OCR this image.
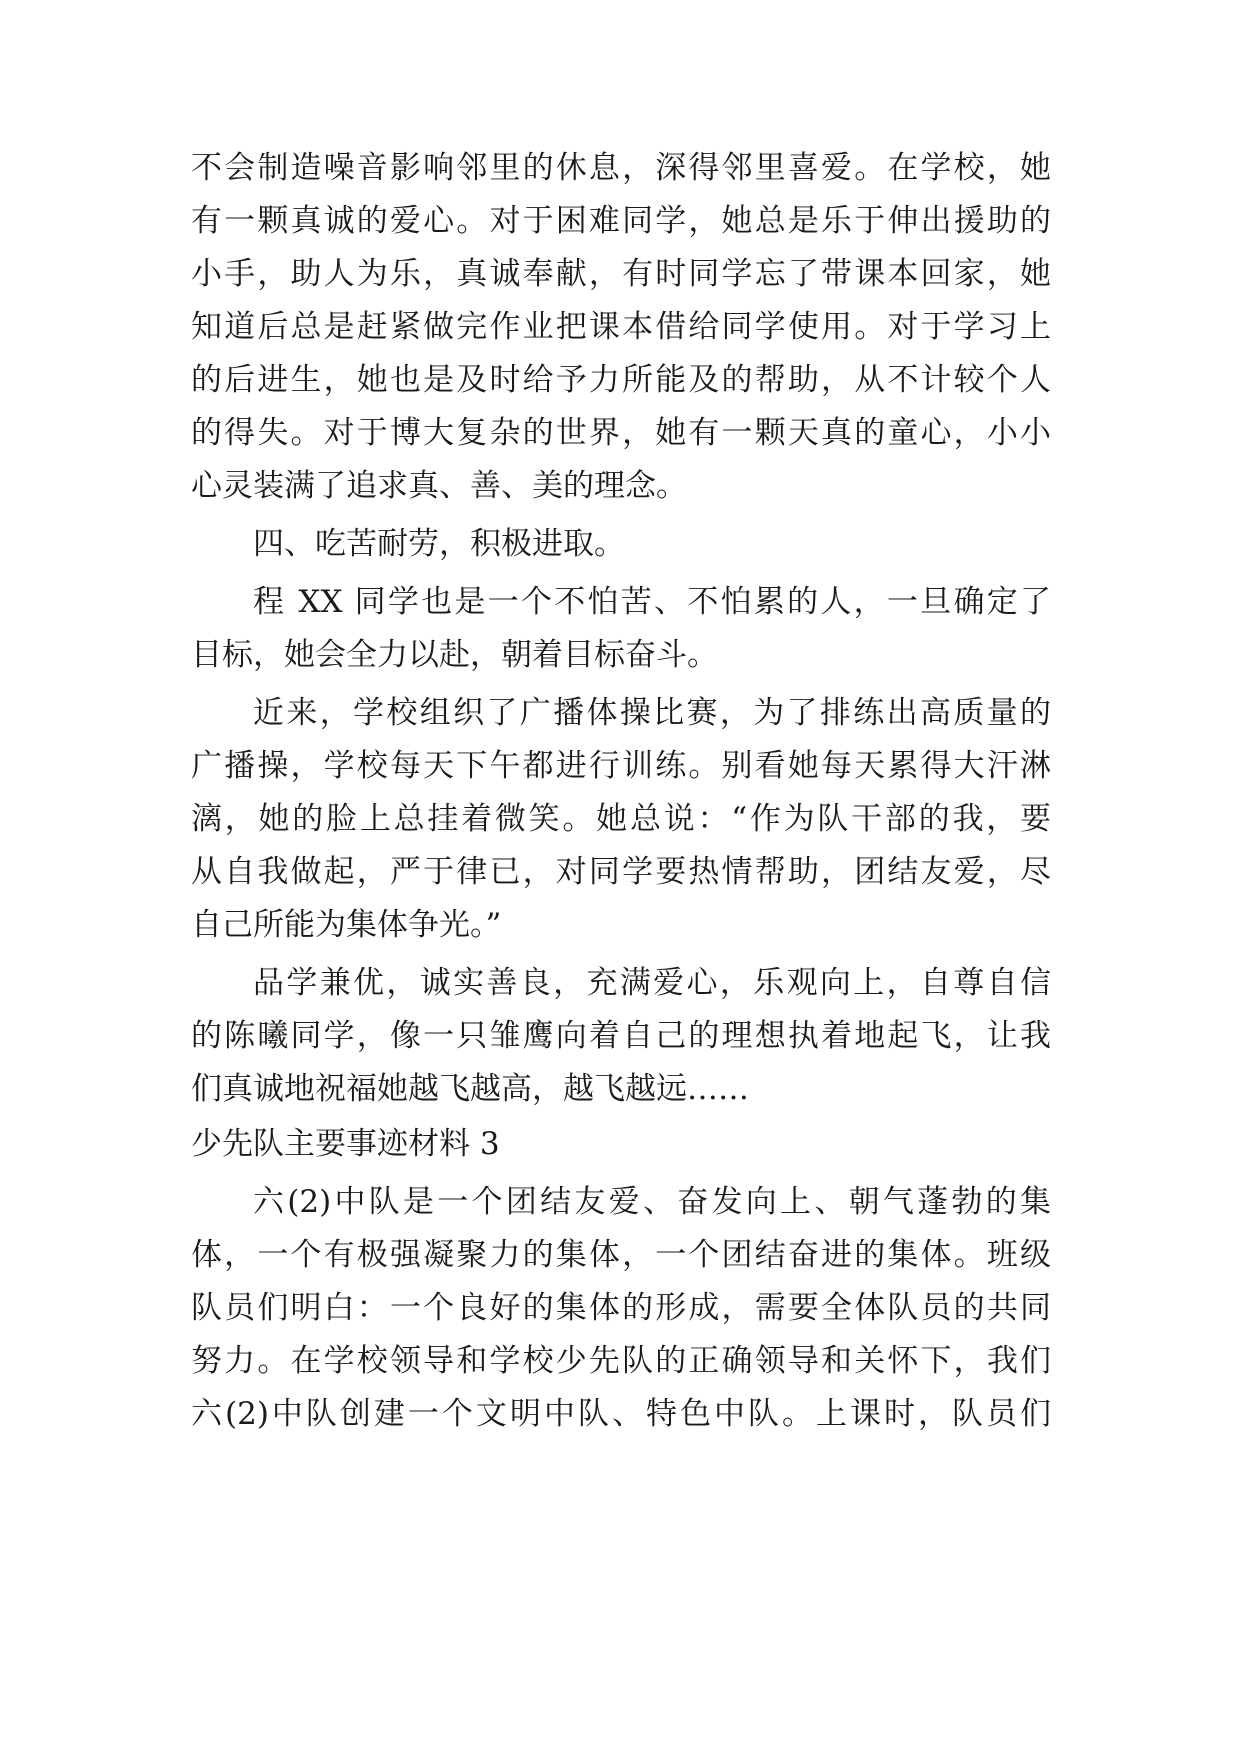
不会制造噪音影响邻里的休息，深得邻里喜爱。在学校，她
有一颗真诚的爱心。对于困难同学，她总是乐于伸出援助的
小手，助人为乐，真诚奉献，有时同学忘了带课本回家，她
知道后总是赶紧做完作业把课本借给同学使用。对于学习上
的后进生，她也是及时给予力所能及的帮助，从不计较个人
的得失。对于博大复杂的世界，她有一颗天真的童心，小小
心灵装满了追求真、善、美的理念。
四、吃苦耐劳，积极进取。
程 XX 同学也是一个不怕苦、不怕累的人，一旦确定了
目标，她会全力以赴，朝着目标奋斗。
近来，学校组织了广播体操比赛，为了排练出高质量的
广播操，学校每天下午都进行训练。别看她每天累得大汗淋
漓，她的脸上总挂着微笑。她总说：“作为队干部的我，要
从自我做起，严于律已，对同学要热情帮助，团结友爱，尽
自己所能为集体争光。”
品学兼优，诚实善良，充满爱心，乐观向上，自尊自信
的陈曦同学，像一只雏鹰向着自己的理想执着地起飞，让我
们真诚地祝福她越飞越高，越飞越远……
少先队主要事迹材料 3
六(2)中队是一个团结友爱、奋发向上、朝气蓬勃的集
体，一个有极强凝聚力的集体，一个团结奋进的集体。班级
队员们明白：一个良好的集体的形成，需要全体队员的共同
努力。在学校领导和学校少先队的正确领导和关怀下，我们
六(2)中队创建一个文明中队、特色中队。上课时，队员们
